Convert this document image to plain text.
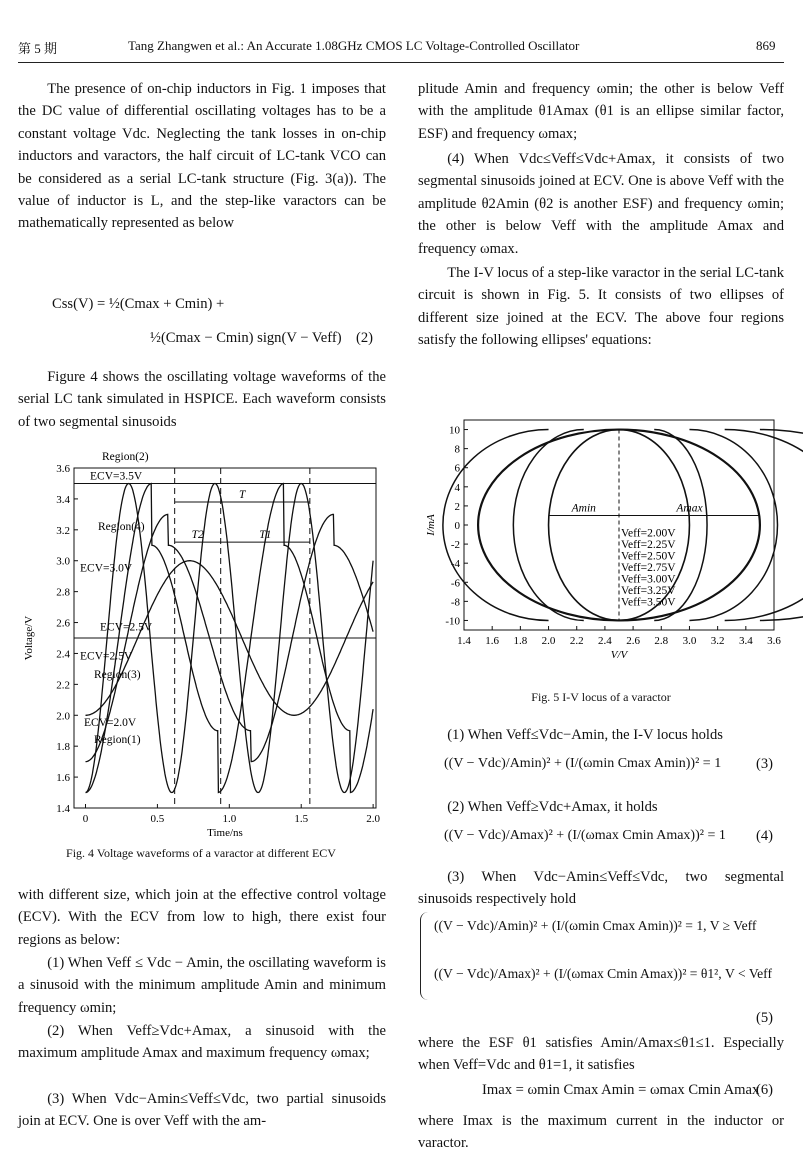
第 5 期	Tang Zhangwen et al.: An Accurate 1.08GHz CMOS LC Voltage-Controlled Oscillator	869

The presence of on-chip inductors in Fig. 1 imposes that the DC value of differential oscillating voltages has to be a constant voltage Vdc. Neglecting the tank losses in on-chip inductors and varactors, the half circuit of LC-tank VCO can be considered as a serial LC-tank structure (Fig. 3(a)). The value of inductor is L, and the step-like varactors can be mathematically represented as below

Css(V) = ½(Cmax + Cmin) +
½(Cmax − Cmin) sign(V − Veff) (2)

Figure 4 shows the oscillating voltage waveforms of the serial LC tank simulated in HSPICE. Each waveform consists of two segmental sinusoids

0	0.5	1.0	1.5	2.0
1.4
1.6
1.8
2.0
2.2
2.4
2.6
2.8
3.0
3.2
3.4
3.6
Time/ns
Voltage/V
Region(2)
ECV=3.5V
Region(4)
ECV=3.0V
ECV=2.5V
ECV=2.5V
Region(3)
ECV=2.0V
Region(1)
T
T2	T1
Fig. 4 Voltage waveforms of a varactor at different ECV

with different size, which join at the effective control voltage (ECV). With the ECV from low to high, there exist four regions as below:

(1) When Veff ≤ Vdc − Amin, the oscillating waveform is a sinusoid with the minimum amplitude Amin and minimum frequency ωmin;

(2) When Veff≥Vdc+Amax, a sinusoid with the maximum amplitude Amax and maximum frequency ωmax;

(3) When Vdc−Amin≤Veff≤Vdc, two partial sinusoids join at ECV. One is over Veff with the am-

plitude Amin and frequency ωmin; the other is below Veff with the amplitude θ1Amax (θ1 is an ellipse similar factor, ESF) and frequency ωmax;

(4) When Vdc≤Veff≤Vdc+Amax, it consists of two segmental sinusoids joined at ECV. One is above Veff with the amplitude θ2Amin (θ2 is another ESF) and frequency ωmin; the other is below Veff with the amplitude Amax and frequency ωmax.

The I-V locus of a step-like varactor in the serial LC-tank circuit is shown in Fig. 5. It consists of two ellipses of different size joined at the ECV. The above four regions satisfy the following ellipses' equations:

1.4 1.6 1.8 2.0 2.2 2.4 2.6 2.8 3.0 3.2 3.4 3.6
10
8
6
4
2
0
-2
-4
-6
-8
-10
V/V
I/mA
Amin	Amax
Veff=2.00V
Veff=2.25V
Veff=2.50V
Veff=2.75V
Veff=3.00V
Veff=3.25V
Veff=3.50V
Fig. 5 I-V locus of a varactor

(1) When Veff≤Vdc−Amin, the I-V locus holds

((V − Vdc)/Amin)² + (I/(ωmin Cmax Amin))² = 1 (3)

(2) When Veff≥Vdc+Amax, it holds

((V − Vdc)/Amax)² + (I/(ωmax Cmin Amax))² = 1 (4)

(3) When Vdc−Amin≤Veff≤Vdc, two segmental sinusoids respectively hold

((V − Vdc)/Amin)² + (I/(ωmin Cmax Amin))² = 1, V ≥ Veff
((V − Vdc)/Amax)² + (I/(ωmax Cmin Amax))² = θ1², V < Veff
(5)

where the ESF θ1 satisfies Amin/Amax≤θ1≤1. Especially when Veff=Vdc and θ1=1, it satisfies

Imax = ωmin Cmax Amin = ωmax Cmin Amax
(6)

where Imax is the maximum current in the inductor or varactor.
